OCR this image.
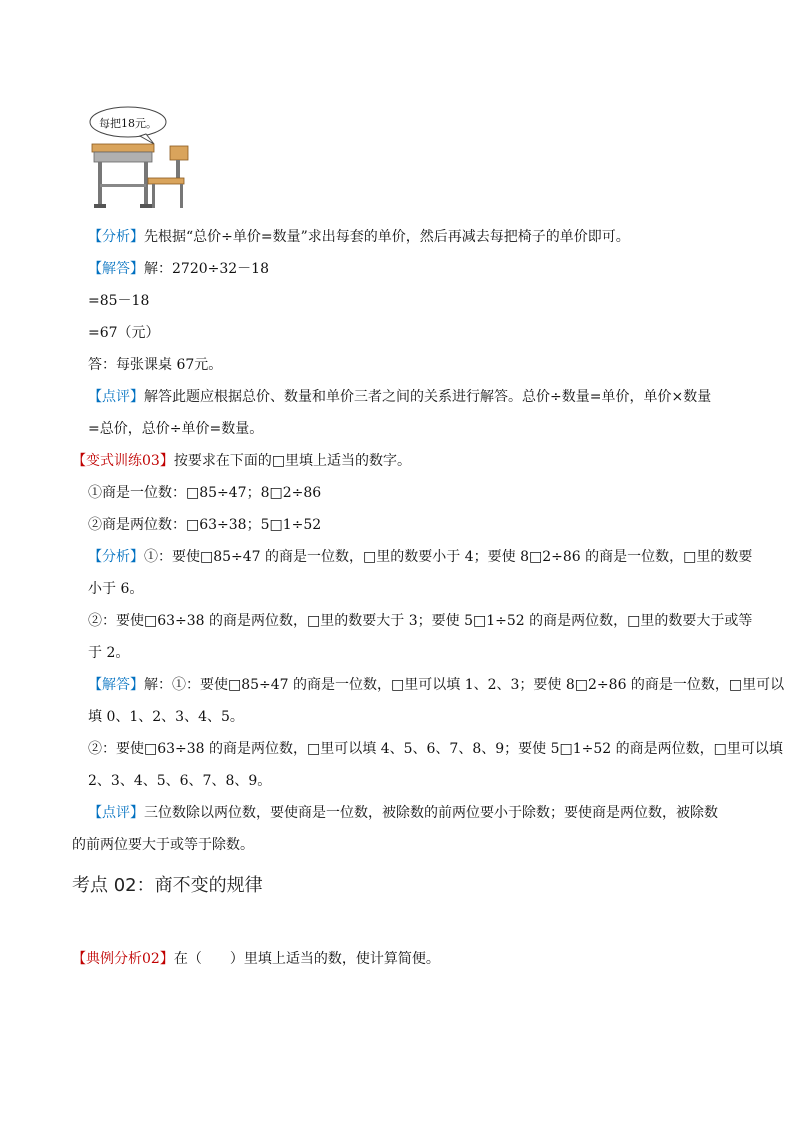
每把18元。
【分析】先根据“总价÷单价=数量”求出每套的单价，然后再减去每把椅子的单价即可。
【解答】解：2720÷32－18
=85－18
=67（元）
答：每张课桌 67元。
【点评】解答此题应根据总价、数量和单价三者之间的关系进行解答。总价÷数量=单价，单价×数量
=总价，总价÷单价=数量。
【变式训练03】按要求在下面的□里填上适当的数字。
①商是一位数：□85÷47；8□2÷86
②商是两位数：□63÷38；5□1÷52
【分析】①：要使□85÷47 的商是一位数，□里的数要小于 4；要使 8□2÷86 的商是一位数，□里的数要
小于 6。
②：要使□63÷38 的商是两位数，□里的数要大于 3；要使 5□1÷52 的商是两位数，□里的数要大于或等
于 2。
【解答】解：①：要使□85÷47 的商是一位数，□里可以填 1、2、3；要使 8□2÷86 的商是一位数，□里可以
填 0、1、2、3、4、5。
②：要使□63÷38 的商是两位数，□里可以填 4、5、6、7、8、9；要使 5□1÷52 的商是两位数，□里可以填
2、3、4、5、6、7、8、9。
【点评】三位数除以两位数，要使商是一位数，被除数的前两位要小于除数；要使商是两位数，被除数
的前两位要大于或等于除数。
考点 02：商不变的规律
【典例分析02】在（　　）里填上适当的数，使计算简便。
